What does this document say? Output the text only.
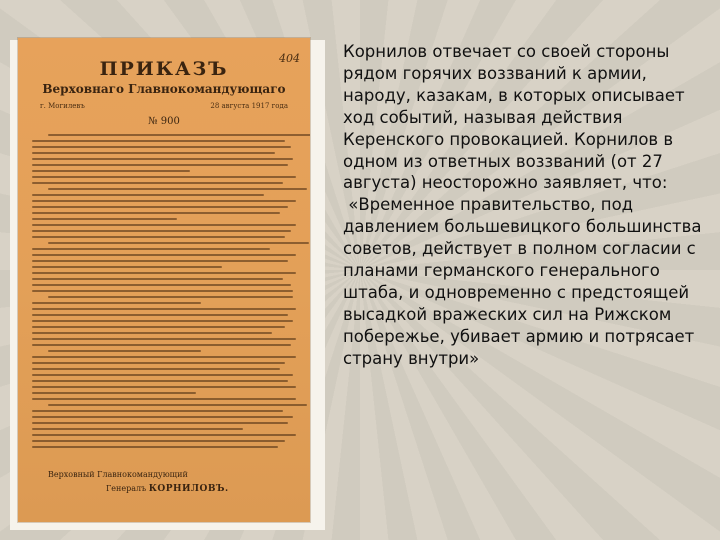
404
ПРИКАЗЪ
Верховнаго Главнокомандующаго
г. Могилевъ	28 августа 1917 года
№ 900
Верховный Главнокомандующий
Генералъ КОРНИЛОВЪ.

Корнилов отвечает со своей стороны рядом горячих воззваний к армии, народу, казакам, в которых описывает ход событий, называя действия Керенского провокацией. Корнилов в одном из ответных воззваний (от 27 августа) неосторожно заявляет, что:

«Временное правительство, под давлением большевицкого большинства советов, действует в полном согласии с планами германского генерального штаба, и одновременно с предстоящей высадкой вражеских сил на Рижском побережье, убивает армию и потрясает страну внутри»
